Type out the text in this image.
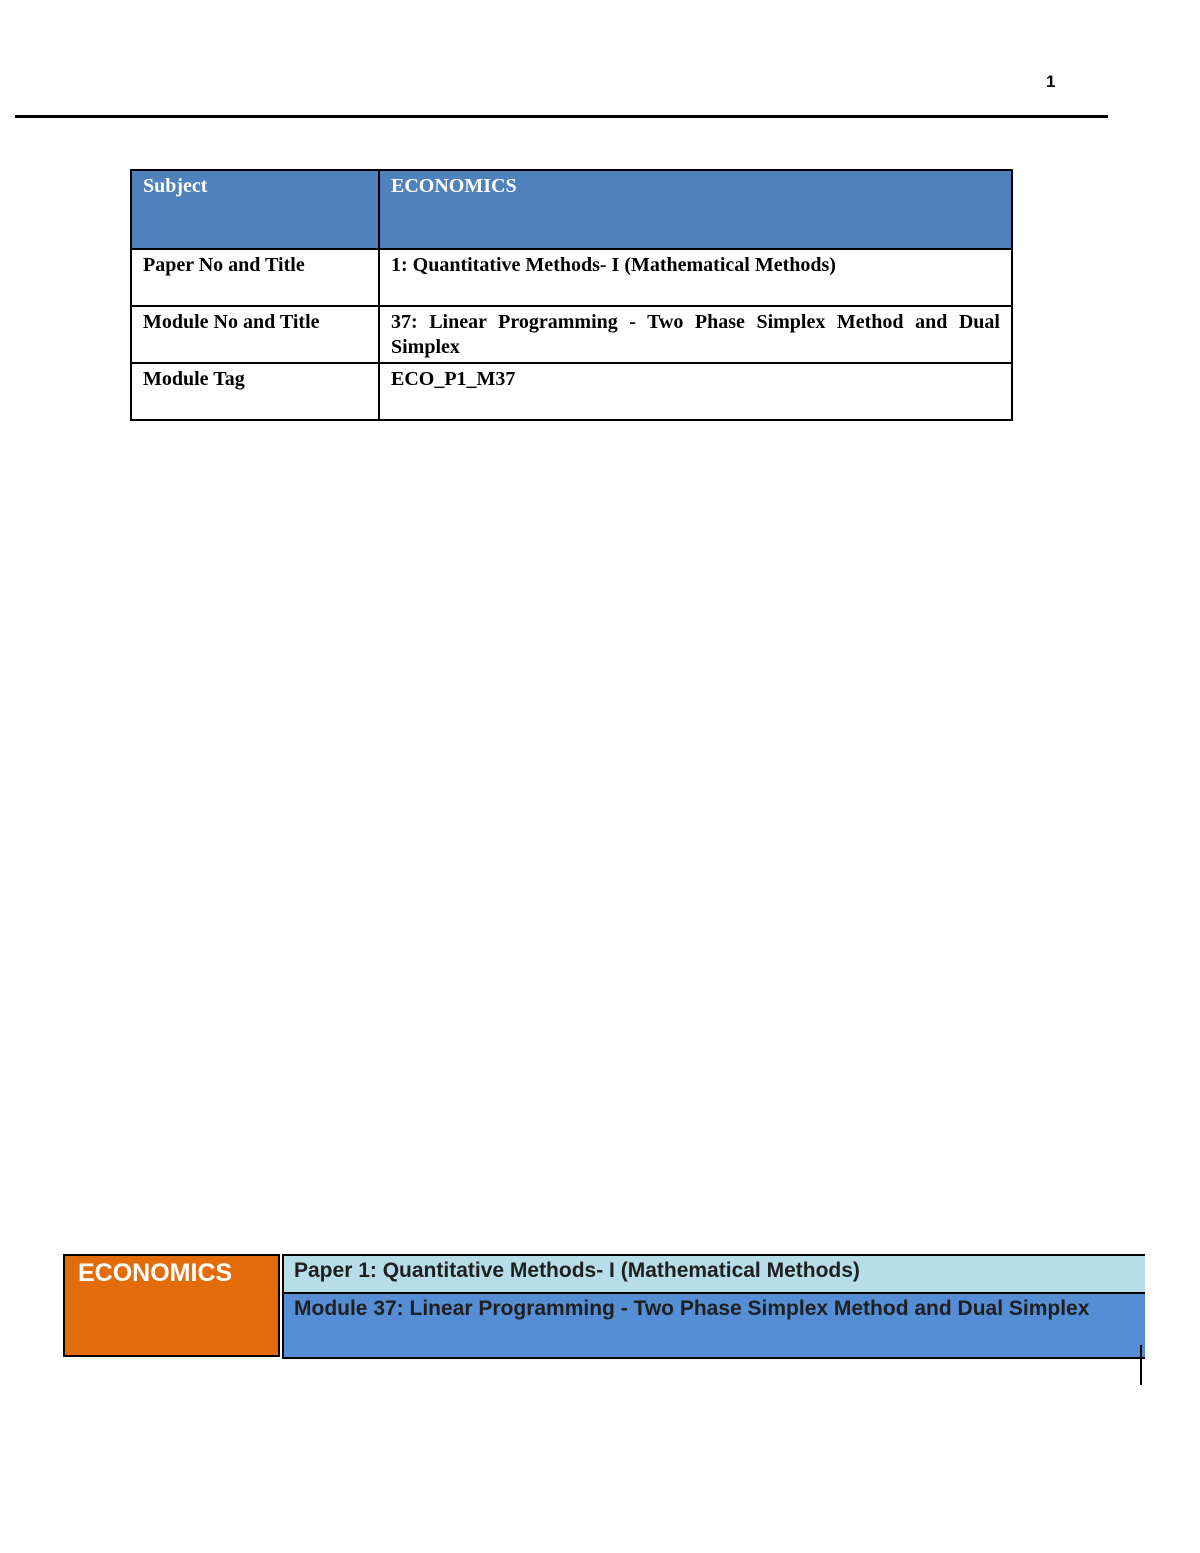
1
Subject	ECONOMICS
Paper No and Title	1: Quantitative Methods- I (Mathematical Methods)
Module No and Title	37: Linear Programming - Two Phase Simplex Method and Dual Simplex
Module Tag	ECO_P1_M37
ECONOMICS	Paper 1: Quantitative Methods- I (Mathematical Methods)
Module 37: Linear Programming - Two Phase Simplex Method and Dual Simplex
